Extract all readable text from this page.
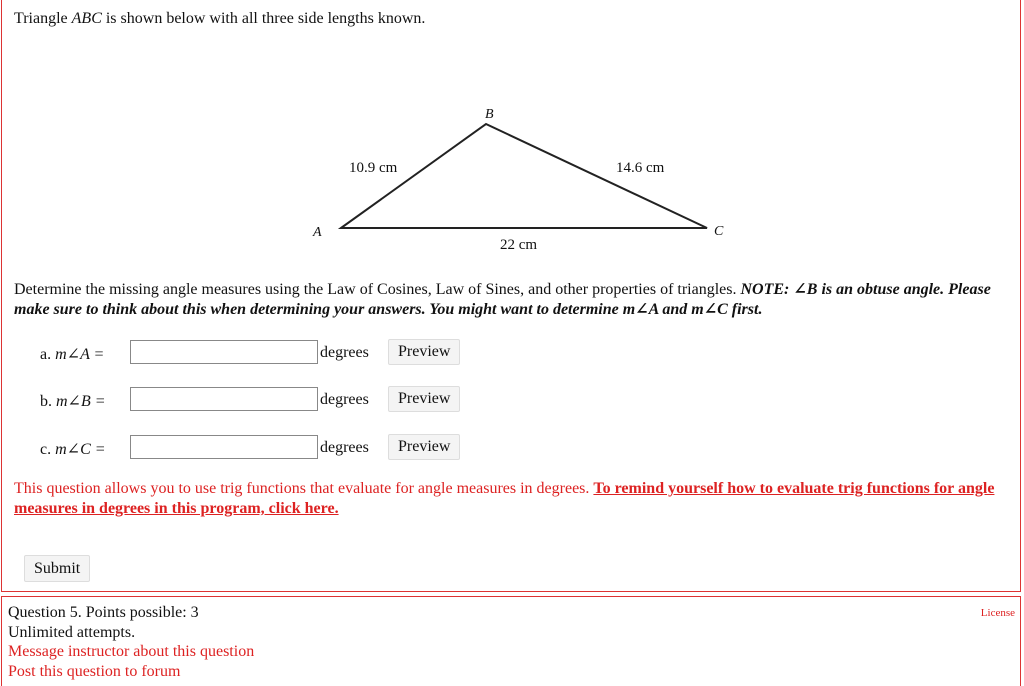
Triangle ABC is shown below with all three side lengths known.
A
B
C
10.9 cm	14.6 cm
22 cm
Determine the missing angle measures using the Law of Cosines, Law of Sines, and other properties of triangles. NOTE: ∠B is an obtuse angle. Please make sure to think about this when determining your answers. You might want to determine m∠A and m∠C first.
a. m∠A =	degrees	Preview
b. m∠B =	degrees	Preview
c. m∠C =	degrees	Preview
This question allows you to use trig functions that evaluate for angle measures in degrees. To remind yourself how to evaluate trig functions for angle measures in degrees in this program, click here.
Submit
Question 5. Points possible: 3
Unlimited attempts.
Message instructor about this question
Post this question to forum
License
